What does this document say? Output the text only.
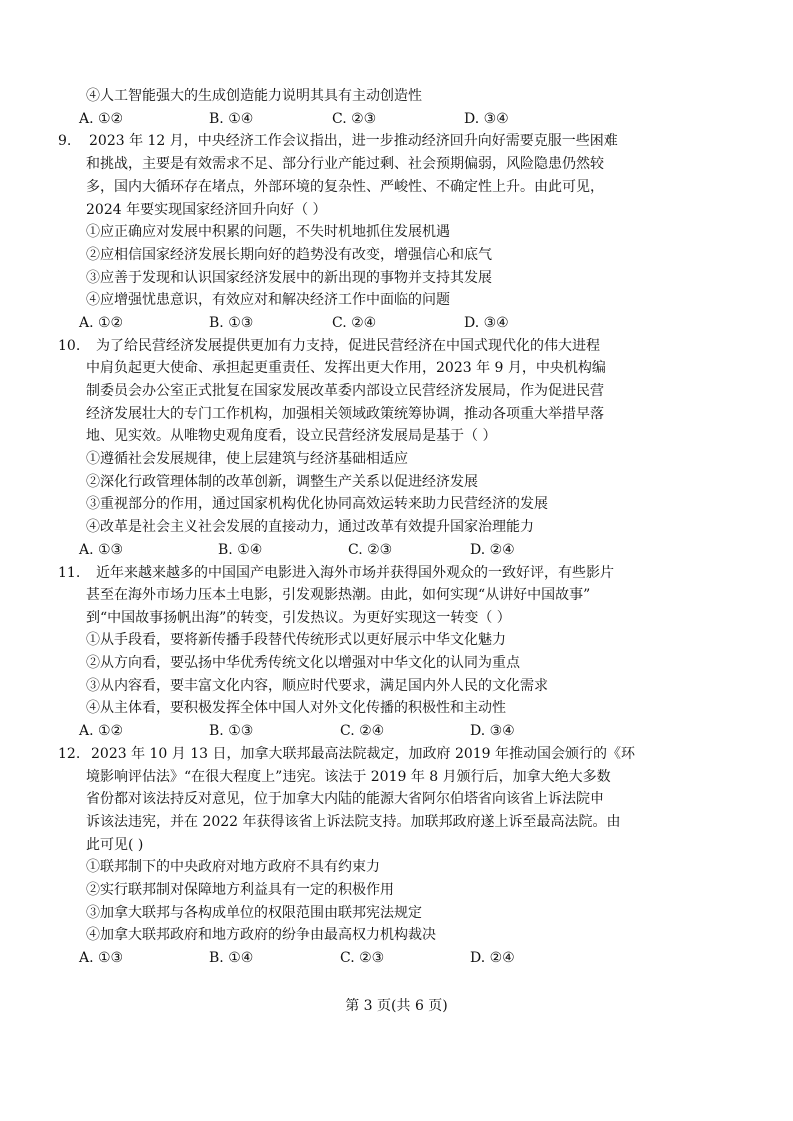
④人工智能强大的生成创造能力说明其具有主动创造性
A. ①②	B. ①④	C. ②③	D. ③④
9. 2023 年 12 月，中央经济工作会议指出，进一步推动经济回升向好需要克服一些困难
和挑战，主要是有效需求不足、部分行业产能过剩、社会预期偏弱，风险隐患仍然较
多，国内大循环存在堵点，外部环境的复杂性、严峻性、不确定性上升。由此可见，
2024 年要实现国家经济回升向好（ ）
①应正确应对发展中积累的问题，不失时机地抓住发展机遇
②应相信国家经济发展长期向好的趋势没有改变，增强信心和底气
③应善于发现和认识国家经济发展中的新出现的事物并支持其发展
④应增强忧患意识，有效应对和解决经济工作中面临的问题
A. ①②	B. ①③	C. ②④	D. ③④
10. 为了给民营经济发展提供更加有力支持，促进民营经济在中国式现代化的伟大进程
中肩负起更大使命、承担起更重责任、发挥出更大作用，2023 年 9 月，中央机构编
制委员会办公室正式批复在国家发展改革委内部设立民营经济发展局，作为促进民营
经济发展壮大的专门工作机构，加强相关领域政策统筹协调，推动各项重大举措早落
地、见实效。从唯物史观角度看，设立民营经济发展局是基于（ ）
①遵循社会发展规律，使上层建筑与经济基础相适应
②深化行政管理体制的改革创新，调整生产关系以促进经济发展
③重视部分的作用，通过国家机构优化协同高效运转来助力民营经济的发展
④改革是社会主义社会发展的直接动力，通过改革有效提升国家治理能力
A. ①③	B. ①④	C. ②③	D. ②④
11. 近年来越来越多的中国国产电影进入海外市场并获得国外观众的一致好评，有些影片
甚至在海外市场力压本土电影，引发观影热潮。由此，如何实现“从讲好中国故事”
到“中国故事扬帆出海”的转变，引发热议。为更好实现这一转变（ ）
①从手段看，要将新传播手段替代传统形式以更好展示中华文化魅力
②从方向看，要弘扬中华优秀传统文化以增强对中华文化的认同为重点
③从内容看，要丰富文化内容，顺应时代要求，满足国内外人民的文化需求
④从主体看，要积极发挥全体中国人对外文化传播的积极性和主动性
A. ①②	B. ①③	C. ②④	D. ③④
12. 2023 年 10 月 13 日，加拿大联邦最高法院裁定，加政府 2019 年推动国会颁行的《环
境影响评估法》“在很大程度上”违宪。该法于 2019 年 8 月颁行后，加拿大绝大多数
省份都对该法持反对意见，位于加拿大内陆的能源大省阿尔伯塔省向该省上诉法院申
诉该法违宪，并在 2022 年获得该省上诉法院支持。加联邦政府遂上诉至最高法院。由
此可见( )
①联邦制下的中央政府对地方政府不具有约束力
②实行联邦制对保障地方利益具有一定的积极作用
③加拿大联邦与各构成单位的权限范围由联邦宪法规定
④加拿大联邦政府和地方政府的纷争由最高权力机构裁决
A. ①③	B. ①④	C. ②③	D. ②④
第 3 页(共 6 页)
